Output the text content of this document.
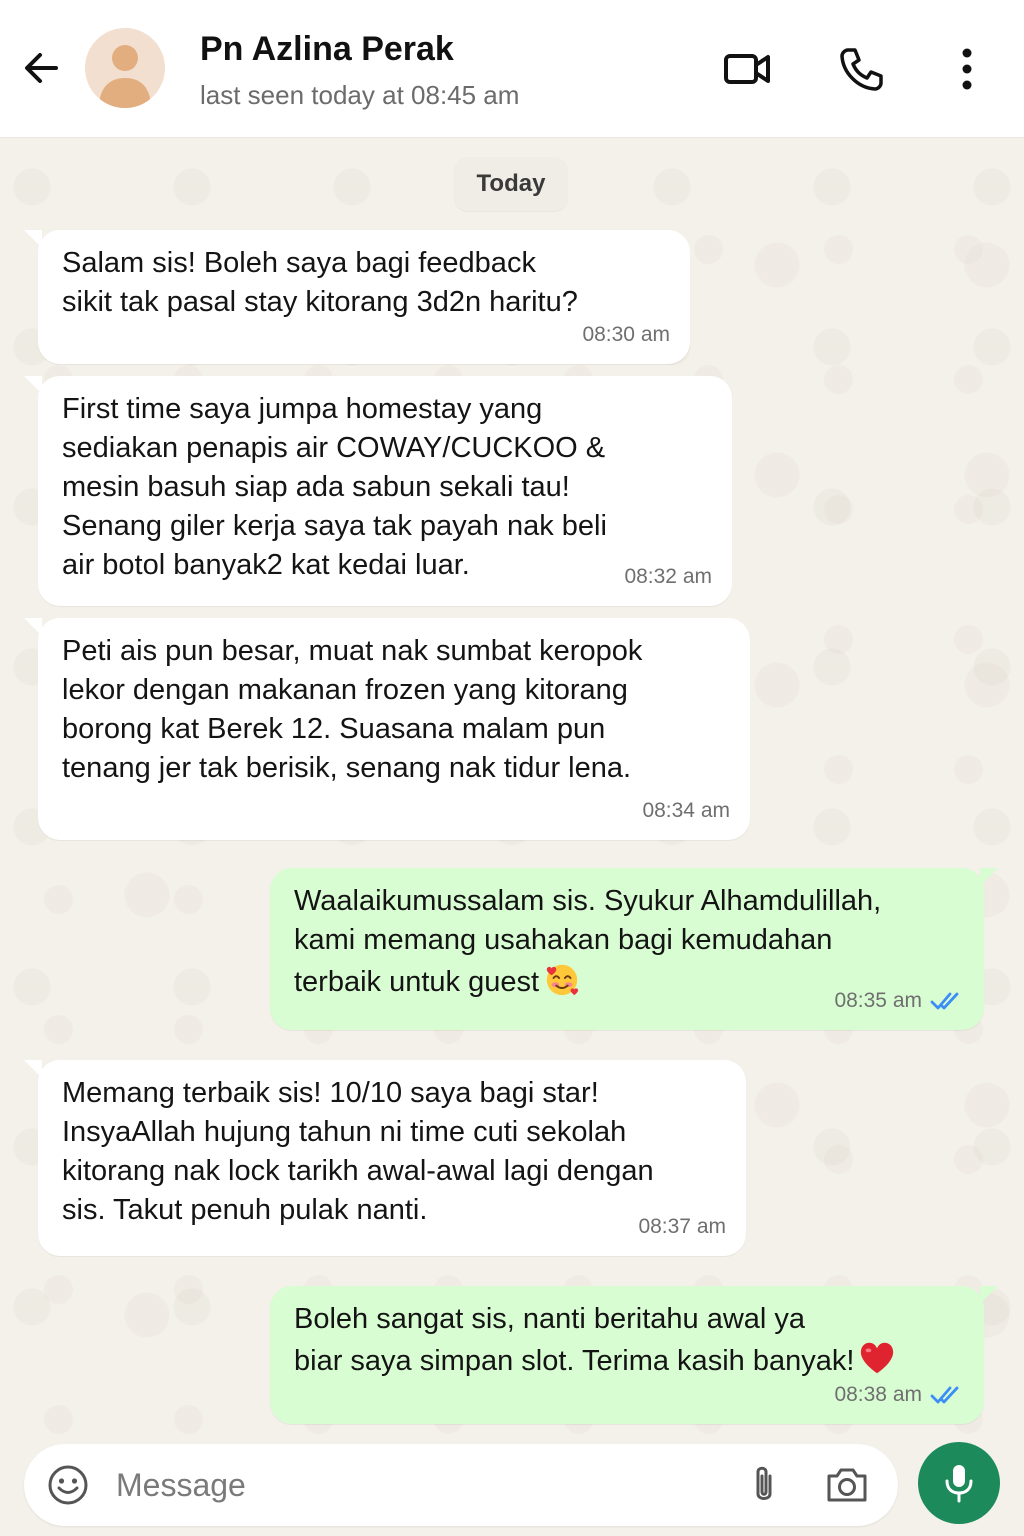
Pn Azlina Perak
last seen today at 08:45 am
Today
Salam sis! Boleh saya bagi feedback
sikit tak pasal stay kitorang 3d2n haritu?
08:30 am
First time saya jumpa homestay yang
sediakan penapis air COWAY/CUCKOO &
mesin basuh siap ada sabun sekali tau!
Senang giler kerja saya tak payah nak beli
air botol banyak2 kat kedai luar.	08:32 am
Peti ais pun besar, muat nak sumbat keropok
lekor dengan makanan frozen yang kitorang
borong kat Berek 12. Suasana malam pun
tenang jer tak berisik, senang nak tidur lena.
08:34 am
Waalaikumussalam sis. Syukur Alhamdulillah,
kami memang usahakan bagi kemudahan
terbaik untuk guest
08:35 am
Memang terbaik sis! 10/10 saya bagi star!
InsyaAllah hujung tahun ni time cuti sekolah
kitorang nak lock tarikh awal-awal lagi dengan
sis. Takut penuh pulak nanti.
08:37 am
Boleh sangat sis, nanti beritahu awal ya
biar saya simpan slot. Terima kasih banyak!
08:38 am
Message
